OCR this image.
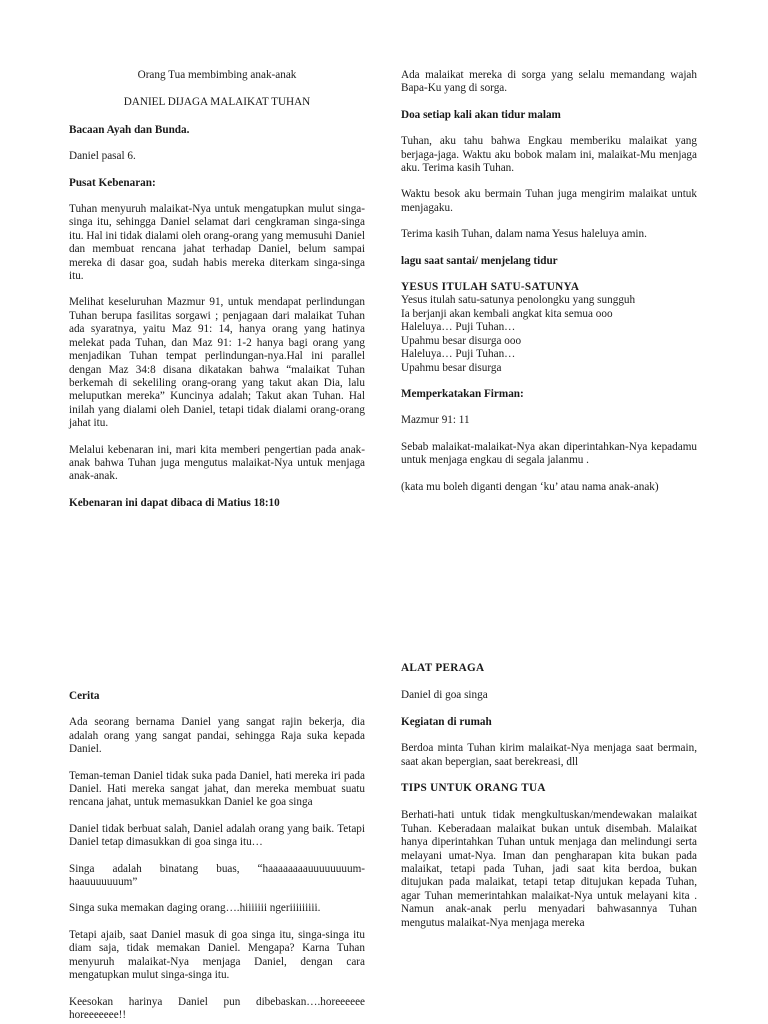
Orang Tua membimbing anak-anak

DANIEL DIJAGA MALAIKAT TUHAN

Bacaan Ayah dan Bunda.

Daniel pasal 6.

Pusat Kebenaran:

Tuhan menyuruh malaikat-Nya untuk mengatupkan mulut singa-singa itu, sehingga Daniel selamat dari cengkraman singa-singa itu. Hal ini tidak dialami oleh orang-orang yang memusuhi Daniel dan membuat rencana jahat terhadap Daniel, belum sampai mereka di dasar goa, sudah habis mereka diterkam singa-singa itu.

Melihat keseluruhan Mazmur 91, untuk mendapat perlindungan Tuhan berupa fasilitas sorgawi ; penjagaan dari malaikat Tuhan ada syaratnya, yaitu Maz 91: 14, hanya orang yang hatinya melekat pada Tuhan, dan Maz 91: 1-2 hanya bagi orang yang menjadikan Tuhan tempat perlindungan-nya.Hal ini parallel dengan Maz 34:8 disana dikatakan bahwa “malaikat Tuhan berkemah di sekeliling orang-orang yang takut akan Dia, lalu meluputkan mereka” Kuncinya adalah; Takut akan Tuhan. Hal inilah yang dialami oleh Daniel, tetapi tidak dialami orang-orang jahat itu.

Melalui kebenaran ini, mari kita memberi pengertian pada anak-anak bahwa Tuhan juga mengutus malaikat-Nya untuk menjaga anak-anak.

Kebenaran ini dapat dibaca di Matius 18:10

Ada malaikat mereka di sorga yang selalu memandang wajah Bapa-Ku yang di sorga.

Doa setiap kali akan tidur malam

Tuhan, aku tahu bahwa Engkau memberiku malaikat yang berjaga-jaga. Waktu aku bobok malam ini, malaikat-Mu menjaga aku. Terima kasih Tuhan.

Waktu besok aku bermain Tuhan juga mengirim malaikat untuk menjagaku.

Terima kasih Tuhan, dalam nama Yesus haleluya amin.

lagu saat santai/ menjelang tidur

YESUS ITULAH SATU-SATUNYA

Yesus itulah satu-satunya penolongku yang sungguh

Ia berjanji akan kembali angkat kita semua ooo

Haleluya… Puji Tuhan…

Upahmu besar disurga ooo

Haleluya… Puji Tuhan…

Upahmu besar disurga

Memperkatakan Firman:

Mazmur 91: 11

Sebab malaikat-malaikat-Nya akan diperintahkan-Nya kepadamu untuk menjaga engkau di segala jalanmu .

(kata mu boleh diganti dengan ‘ku’ atau nama anak-anak)

Cerita

Ada seorang bernama Daniel yang sangat rajin bekerja, dia adalah orang yang sangat pandai, sehingga Raja suka kepada Daniel.

Teman-teman Daniel tidak suka pada Daniel, hati mereka iri pada Daniel. Hati mereka sangat jahat, dan mereka membuat suatu rencana jahat, untuk memasukkan Daniel ke goa singa

Daniel tidak berbuat salah, Daniel adalah orang yang baik. Tetapi Daniel tetap dimasukkan di goa singa itu…

Singa adalah binatang buas, “haaaaaaaauuuuuuuum-haauuuuuuum”

Singa suka memakan daging orang….hiiiiiii ngeriiiiiiiii.

Tetapi ajaib, saat Daniel masuk di goa singa itu, singa-singa itu diam saja, tidak memakan Daniel. Mengapa? Karna Tuhan menyuruh malaikat-Nya menjaga Daniel, dengan cara mengatupkan mulut singa-singa itu.

Keesokan harinya Daniel pun dibebaskan….horeeeeee horeeeeeee!!

ALAT PERAGA

Daniel di goa singa

Kegiatan di rumah

Berdoa minta Tuhan kirim malaikat-Nya menjaga saat bermain, saat akan bepergian, saat berekreasi, dll

TIPS UNTUK ORANG TUA

Berhati-hati untuk tidak mengkultuskan/mendewakan malaikat Tuhan. Keberadaan malaikat bukan untuk disembah. Malaikat hanya diperintahkan Tuhan untuk menjaga dan melindungi serta melayani umat-Nya. Iman dan pengharapan kita bukan pada malaikat, tetapi pada Tuhan, jadi saat kita berdoa, bukan ditujukan pada malaikat, tetapi tetap ditujukan kepada Tuhan, agar Tuhan memerintahkan malaikat-Nya untuk melayani kita . Namun anak-anak perlu menyadari bahwasannya Tuhan mengutus malaikat-Nya menjaga mereka
